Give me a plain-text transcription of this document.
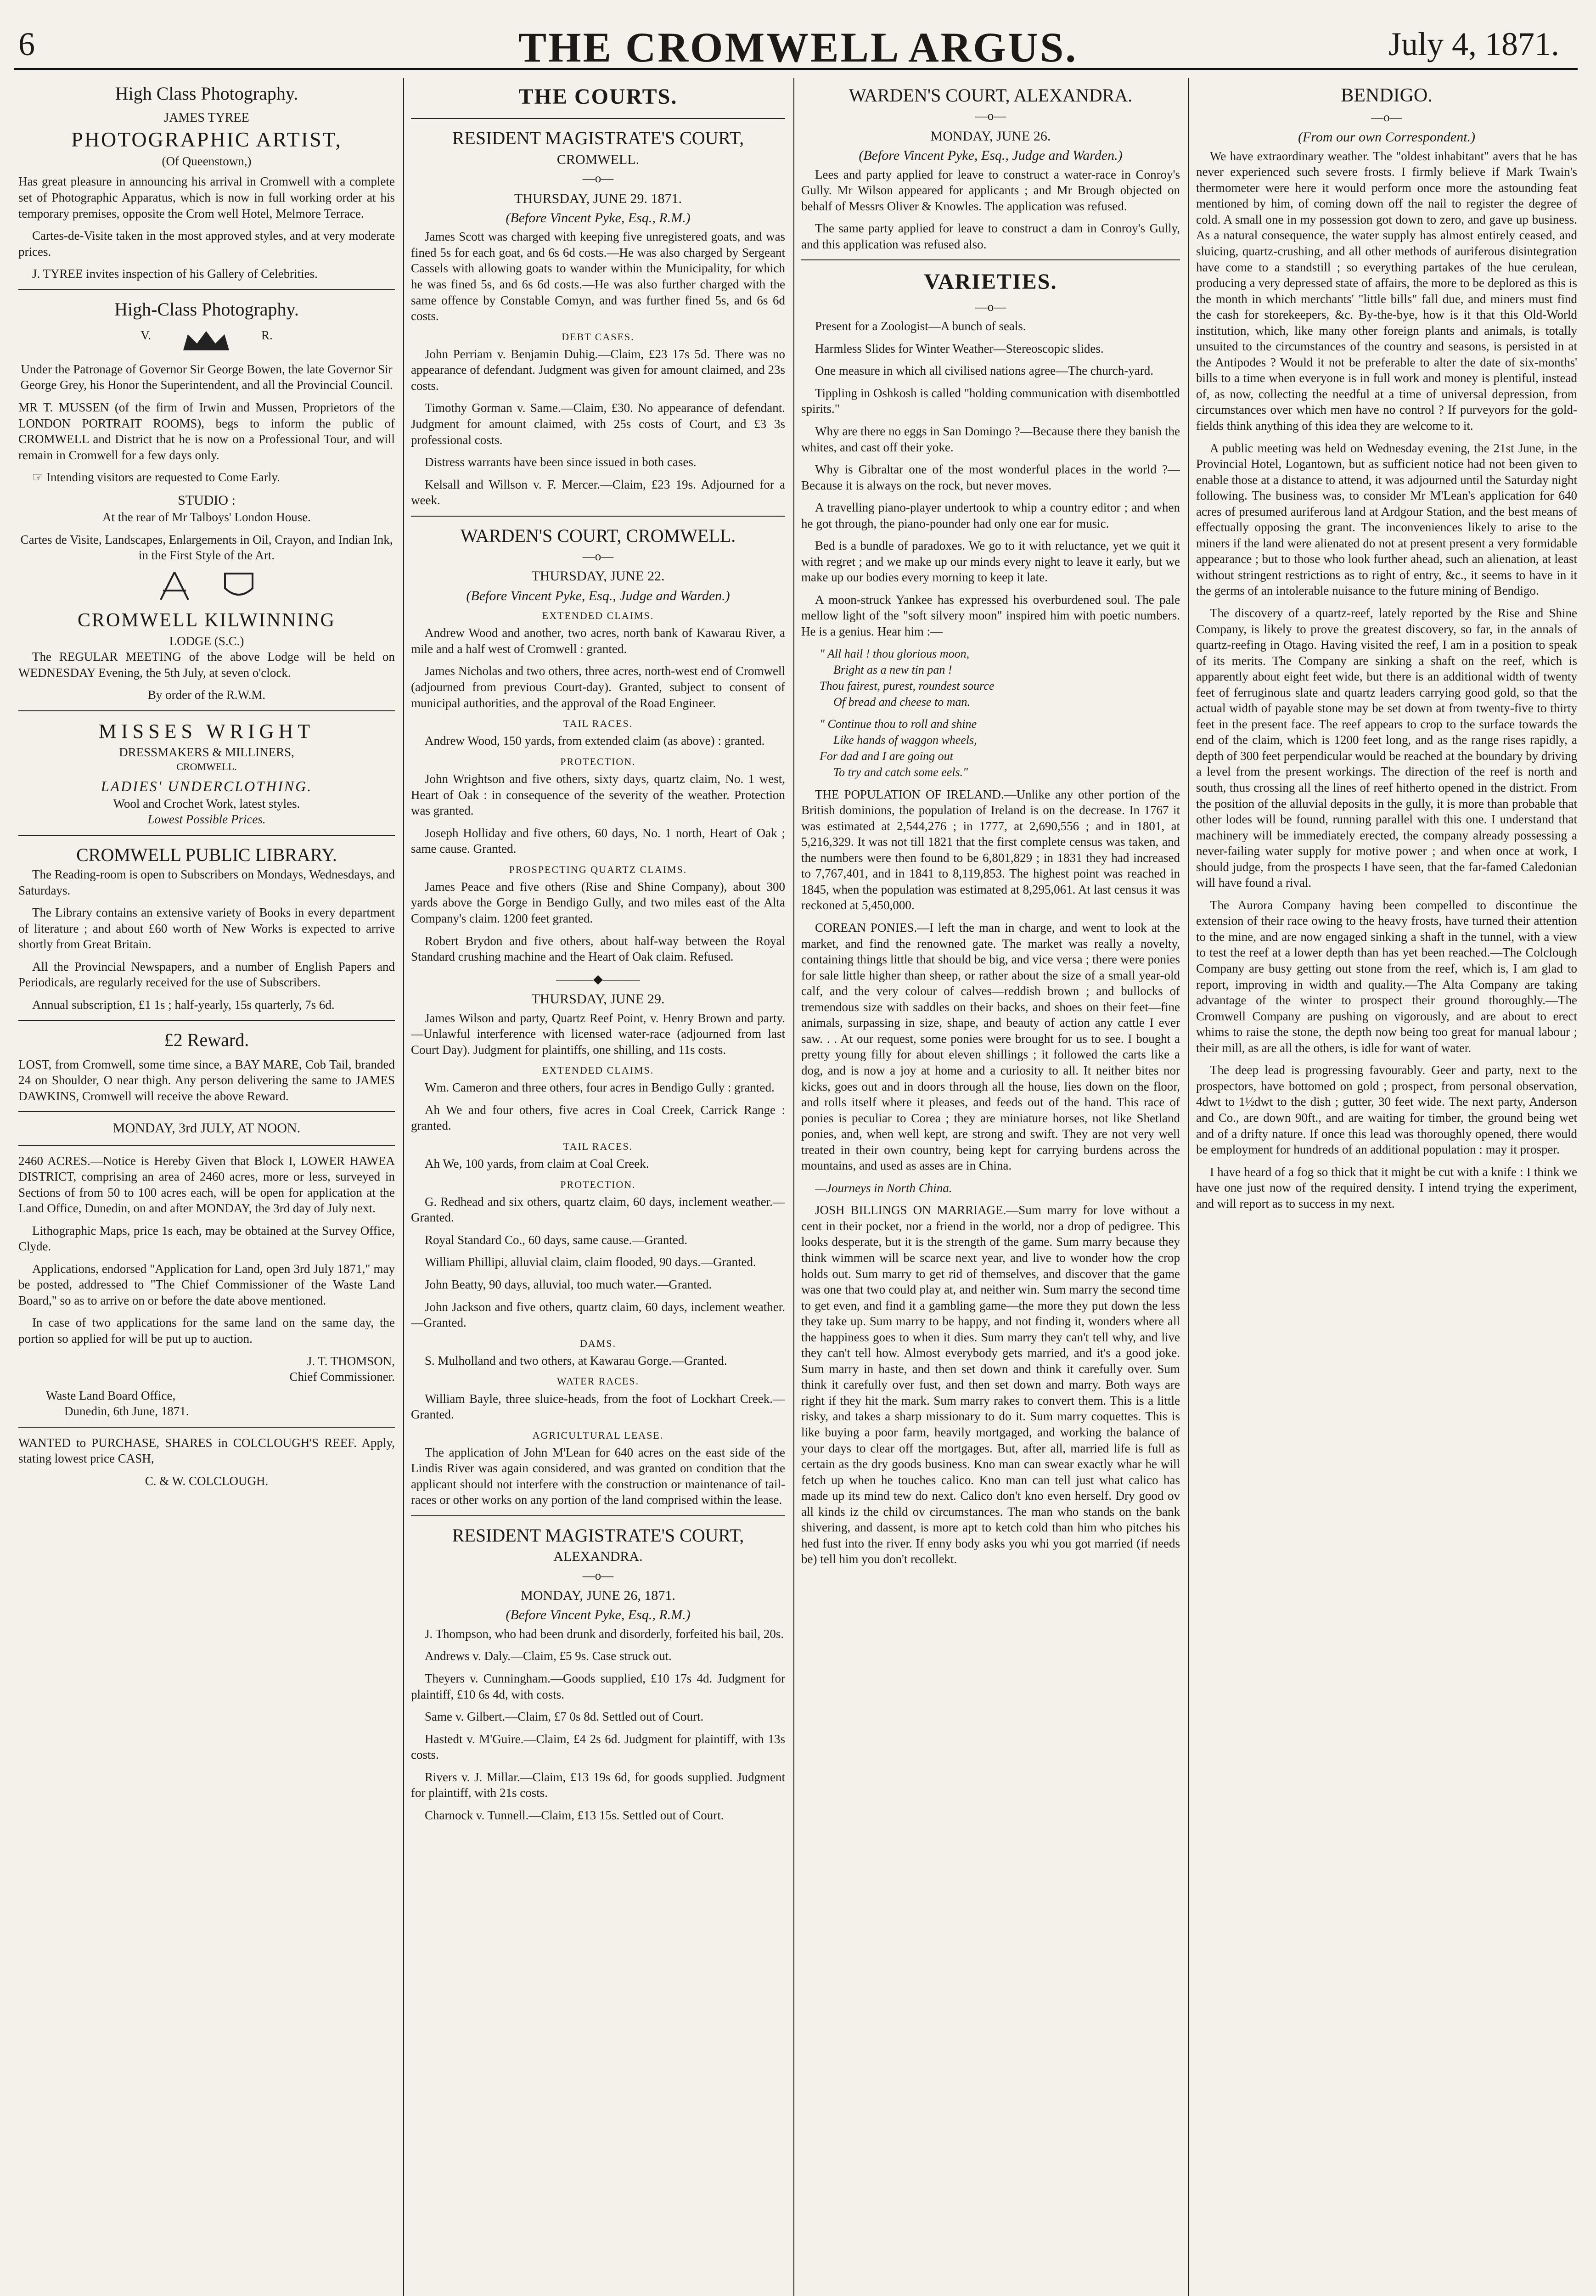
6	THE CROMWELL ARGUS.	July 4, 1871.
High Class Photography.
JAMES TYREE
PHOTOGRAPHIC ARTIST,
(Of Queenstown,)

Has great pleasure in announcing his arrival in Cromwell with a complete set of Photographic Apparatus, which is now in full working order at his temporary premises, opposite the Crom well Hotel, Melmore Terrace.

Cartes-de-Visite taken in the most approved styles, and at very moderate prices.

J. TYREE invites inspection of his Gallery of Celebrities.

High-Class Photography.
V.	R.

Under the Patronage of Governor Sir George Bowen, the late Governor Sir George Grey, his Honor the Superintendent, and all the Provincial Council.

MR T. MUSSEN (of the firm of Irwin and Mussen, Proprietors of the LONDON PORTRAIT ROOMS), begs to inform the public of CROMWELL and District that he is now on a Professional Tour, and will remain in Cromwell for a few days only.

☞ Intending visitors are requested to Come Early.

STUDIO :

At the rear of Mr Talboys' London House.

Cartes de Visite, Landscapes, Enlargements in Oil, Crayon, and Indian Ink, in the First Style of the Art.

CROMWELL KILWINNING
LODGE (S.C.)

The REGULAR MEETING of the above Lodge will be held on WEDNESDAY Evening, the 5th July, at seven o'clock.

By order of the R.W.M.

MISSES WRIGHT
DRESSMAKERS & MILLINERS,
CROMWELL.
LADIES' UNDERCLOTHING.
Wool and Crochet Work, latest styles.
Lowest Possible Prices.
CROMWELL PUBLIC LIBRARY.

The Reading-room is open to Subscribers on Mondays, Wednesdays, and Saturdays.

The Library contains an extensive variety of Books in every department of literature ; and about £60 worth of New Works is expected to arrive shortly from Great Britain.

All the Provincial Newspapers, and a number of English Papers and Periodicals, are regularly received for the use of Subscribers.

Annual subscription, £1 1s ; half-yearly, 15s quarterly, 7s 6d.

£2 Reward.

LOST, from Cromwell, some time since, a BAY MARE, Cob Tail, branded 24 on Shoulder, O near thigh. Any person delivering the same to JAMES DAWKINS, Cromwell will receive the above Reward.

MONDAY, 3rd JULY, AT NOON.

2460 ACRES.—Notice is Hereby Given that Block I, LOWER HAWEA DISTRICT, comprising an area of 2460 acres, more or less, surveyed in Sections of from 50 to 100 acres each, will be open for application at the Land Office, Dunedin, on and after MONDAY, the 3rd day of July next.

Lithographic Maps, price 1s each, may be obtained at the Survey Office, Clyde.

Applications, endorsed "Application for Land, open 3rd July 1871," may be posted, addressed to "The Chief Commissioner of the Waste Land Board," so as to arrive on or before the date above mentioned.

In case of two applications for the same land on the same day, the portion so applied for will be put up to auction.

J. T. THOMSON,
Chief Commissioner.
Waste Land Board Office,
Dunedin, 6th June, 1871.

WANTED to PURCHASE, SHARES in COLCLOUGH'S REEF. Apply, stating lowest price CASH,

C. & W. COLCLOUGH.
THE COURTS.
RESIDENT MAGISTRATE'S COURT,
CROMWELL.
—o—
THURSDAY, JUNE 29. 1871.
(Before Vincent Pyke, Esq., R.M.)

James Scott was charged with keeping five unregistered goats, and was fined 5s for each goat, and 6s 6d costs.—He was also charged by Sergeant Cassels with allowing goats to wander within the Municipality, for which he was fined 5s, and 6s 6d costs.—He was also further charged with the same offence by Constable Comyn, and was further fined 5s, and 6s 6d costs.

DEBT CASES.

John Perriam v. Benjamin Duhig.—Claim, £23 17s 5d. There was no appearance of defendant. Judgment was given for amount claimed, and 23s costs.

Timothy Gorman v. Same.—Claim, £30. No appearance of defendant. Judgment for amount claimed, with 25s costs of Court, and £3 3s professional costs.

Distress warrants have been since issued in both cases.

Kelsall and Willson v. F. Mercer.—Claim, £23 19s. Adjourned for a week.

WARDEN'S COURT, CROMWELL.
—o—
THURSDAY, JUNE 22.
(Before Vincent Pyke, Esq., Judge and Warden.)
EXTENDED CLAIMS.

Andrew Wood and another, two acres, north bank of Kawarau River, a mile and a half west of Cromwell : granted.

James Nicholas and two others, three acres, north-west end of Cromwell (adjourned from previous Court-day). Granted, subject to consent of municipal authorities, and the approval of the Road Engineer.

TAIL RACES.

Andrew Wood, 150 yards, from extended claim (as above) : granted.

PROTECTION.

John Wrightson and five others, sixty days, quartz claim, No. 1 west, Heart of Oak : in consequence of the severity of the weather. Protection was granted.

Joseph Holliday and five others, 60 days, No. 1 north, Heart of Oak ; same cause. Granted.

PROSPECTING QUARTZ CLAIMS.

James Peace and five others (Rise and Shine Company), about 300 yards above the Gorge in Bendigo Gully, and two miles east of the Alta Company's claim. 1200 feet granted.

Robert Brydon and five others, about half-way between the Royal Standard crushing machine and the Heart of Oak claim. Refused.

———◆———
THURSDAY, JUNE 29.

James Wilson and party, Quartz Reef Point, v. Henry Brown and party.—Unlawful interference with licensed water-race (adjourned from last Court Day). Judgment for plaintiffs, one shilling, and 11s costs.

EXTENDED CLAIMS.

Wm. Cameron and three others, four acres in Bendigo Gully : granted.

Ah We and four others, five acres in Coal Creek, Carrick Range : granted.

TAIL RACES.

Ah We, 100 yards, from claim at Coal Creek.

PROTECTION.

G. Redhead and six others, quartz claim, 60 days, inclement weather.—Granted.

Royal Standard Co., 60 days, same cause.—Granted.

William Phillipi, alluvial claim, claim flooded, 90 days.—Granted.

John Beatty, 90 days, alluvial, too much water.—Granted.

John Jackson and five others, quartz claim, 60 days, inclement weather.—Granted.

DAMS.

S. Mulholland and two others, at Kawarau Gorge.—Granted.

WATER RACES.

William Bayle, three sluice-heads, from the foot of Lockhart Creek.—Granted.

AGRICULTURAL LEASE.

The application of John M'Lean for 640 acres on the east side of the Lindis River was again considered, and was granted on condition that the applicant should not interfere with the construction or maintenance of tail-races or other works on any portion of the land comprised within the lease.

RESIDENT MAGISTRATE'S COURT,
ALEXANDRA.
—o—
MONDAY, JUNE 26, 1871.
(Before Vincent Pyke, Esq., R.M.)

J. Thompson, who had been drunk and disorderly, forfeited his bail, 20s.

Andrews v. Daly.—Claim, £5 9s. Case struck out.

Theyers v. Cunningham.—Goods supplied, £10 17s 4d. Judgment for plaintiff, £10 6s 4d, with costs.

Same v. Gilbert.—Claim, £7 0s 8d. Settled out of Court.

Hastedt v. M'Guire.—Claim, £4 2s 6d. Judgment for plaintiff, with 13s costs.

Rivers v. J. Millar.—Claim, £13 19s 6d, for goods supplied. Judgment for plaintiff, with 21s costs.

Charnock v. Tunnell.—Claim, £13 15s. Settled out of Court.

WARDEN'S COURT, ALEXANDRA.
—o—
MONDAY, JUNE 26.
(Before Vincent Pyke, Esq., Judge and Warden.)

Lees and party applied for leave to construct a water-race in Conroy's Gully. Mr Wilson appeared for applicants ; and Mr Brough objected on behalf of Messrs Oliver & Knowles. The application was refused.

The same party applied for leave to construct a dam in Conroy's Gully, and this application was refused also.

VARIETIES.
—o—

Present for a Zoologist—A bunch of seals.

Harmless Slides for Winter Weather—Stereoscopic slides.

One measure in which all civilised nations agree—The church-yard.

Tippling in Oshkosh is called "holding communication with disembottled spirits."

Why are there no eggs in San Domingo ?—Because there they banish the whites, and cast off their yoke.

Why is Gibraltar one of the most wonderful places in the world ?—Because it is always on the rock, but never moves.

A travelling piano-player undertook to whip a country editor ; and when he got through, the piano-pounder had only one ear for music.

Bed is a bundle of paradoxes. We go to it with reluctance, yet we quit it with regret ; and we make up our minds every night to leave it early, but we make up our bodies every morning to keep it late.

A moon-struck Yankee has expressed his overburdened soul. The pale mellow light of the "soft silvery moon" inspired him with poetic numbers. He is a genius. Hear him :—

" All hail ! thou glorious moon,
Bright as a new tin pan !
Thou fairest, purest, roundest source
Of bread and cheese to man.
" Continue thou to roll and shine
Like hands of waggon wheels,
For dad and I are going out
To try and catch some eels."

THE POPULATION OF IRELAND.—Unlike any other portion of the British dominions, the population of Ireland is on the decrease. In 1767 it was estimated at 2,544,276 ; in 1777, at 2,690,556 ; and in 1801, at 5,216,329. It was not till 1821 that the first complete census was taken, and the numbers were then found to be 6,801,829 ; in 1831 they had increased to 7,767,401, and in 1841 to 8,119,853. The highest point was reached in 1845, when the population was estimated at 8,295,061. At last census it was reckoned at 5,450,000.

COREAN PONIES.—I left the man in charge, and went to look at the market, and find the renowned gate. The market was really a novelty, containing things little that should be big, and vice versa ; there were ponies for sale little higher than sheep, or rather about the size of a small year-old calf, and the very colour of calves—reddish brown ; and bullocks of tremendous size with saddles on their backs, and shoes on their feet—fine animals, surpassing in size, shape, and beauty of action any cattle I ever saw. . . At our request, some ponies were brought for us to see. I bought a pretty young filly for about eleven shillings ; it followed the carts like a dog, and is now a joy at home and a curiosity to all. It neither bites nor kicks, goes out and in doors through all the house, lies down on the floor, and rolls itself where it pleases, and feeds out of the hand. This race of ponies is peculiar to Corea ; they are miniature horses, not like Shetland ponies, and, when well kept, are strong and swift. They are not very well treated in their own country, being kept for carrying burdens across the mountains, and used as asses are in China.

—Journeys in North China.

JOSH BILLINGS ON MARRIAGE.—Sum marry for love without a cent in their pocket, nor a friend in the world, nor a drop of pedigree. This looks desperate, but it is the strength of the game. Sum marry because they think wimmen will be scarce next year, and live to wonder how the crop holds out. Sum marry to get rid of themselves, and discover that the game was one that two could play at, and neither win. Sum marry the second time to get even, and find it a gambling game—the more they put down the less they take up. Sum marry to be happy, and not finding it, wonders where all the happiness goes to when it dies. Sum marry they can't tell why, and live they can't tell how. Almost everybody gets married, and it's a good joke. Sum marry in haste, and then set down and think it carefully over. Sum think it carefully over fust, and then set down and marry. Both ways are right if they hit the mark. Sum marry rakes to convert them. This is a little risky, and takes a sharp missionary to do it. Sum marry coquettes. This is like buying a poor farm, heavily mortgaged, and working the balance of your days to clear off the mortgages. But, after all, married life is full as certain as the dry goods business. Kno man can swear exactly whar he will fetch up when he touches calico. Kno man can tell just what calico has made up its mind tew do next. Calico don't kno even herself. Dry good ov all kinds iz the child ov circumstances. The man who stands on the bank shivering, and dassent, is more apt to ketch cold than him who pitches his hed fust into the river. If enny body asks you whi you got married (if needs be) tell him you don't recollekt.

BENDIGO.
—o—
(From our own Correspondent.)

We have extraordinary weather. The "oldest inhabitant" avers that he has never experienced such severe frosts. I firmly believe if Mark Twain's thermometer were here it would perform once more the astounding feat mentioned by him, of coming down off the nail to register the degree of cold. A small one in my possession got down to zero, and gave up business. As a natural consequence, the water supply has almost entirely ceased, and sluicing, quartz-crushing, and all other methods of auriferous disintegration have come to a standstill ; so everything partakes of the hue cerulean, producing a very depressed state of affairs, the more to be deplored as this is the month in which merchants' "little bills" fall due, and miners must find the cash for storekeepers, &c. By-the-bye, how is it that this Old-World institution, which, like many other foreign plants and animals, is totally unsuited to the circumstances of the country and seasons, is persisted in at the Antipodes ? Would it not be preferable to alter the date of six-months' bills to a time when everyone is in full work and money is plentiful, instead of, as now, collecting the needful at a time of universal depression, from circumstances over which men have no control ? If purveyors for the gold-fields think anything of this idea they are welcome to it.

A public meeting was held on Wednesday evening, the 21st June, in the Provincial Hotel, Logantown, but as sufficient notice had not been given to enable those at a distance to attend, it was adjourned until the Saturday night following. The business was, to consider Mr M'Lean's application for 640 acres of presumed auriferous land at Ardgour Station, and the best means of effectually opposing the grant. The inconveniences likely to arise to the miners if the land were alienated do not at present present a very formidable appearance ; but to those who look further ahead, such an alienation, at least without stringent restrictions as to right of entry, &c., it seems to have in it the germs of an intolerable nuisance to the future mining of Bendigo.

The discovery of a quartz-reef, lately reported by the Rise and Shine Company, is likely to prove the greatest discovery, so far, in the annals of quartz-reefing in Otago. Having visited the reef, I am in a position to speak of its merits. The Company are sinking a shaft on the reef, which is apparently about eight feet wide, but there is an additional width of twenty feet of ferruginous slate and quartz leaders carrying good gold, so that the actual width of payable stone may be set down at from twenty-five to thirty feet in the present face. The reef appears to crop to the surface towards the end of the claim, which is 1200 feet long, and as the range rises rapidly, a depth of 300 feet perpendicular would be reached at the boundary by driving a level from the present workings. The direction of the reef is north and south, thus crossing all the lines of reef hitherto opened in the district. From the position of the alluvial deposits in the gully, it is more than probable that other lodes will be found, running parallel with this one. I understand that machinery will be immediately erected, the company already possessing a never-failing water supply for motive power ; and when once at work, I should judge, from the prospects I have seen, that the far-famed Caledonian will have found a rival.

The Aurora Company having been compelled to discontinue the extension of their race owing to the heavy frosts, have turned their attention to the mine, and are now engaged sinking a shaft in the tunnel, with a view to test the reef at a lower depth than has yet been reached.—The Colclough Company are busy getting out stone from the reef, which is, I am glad to report, improving in width and quality.—The Alta Company are taking advantage of the winter to prospect their ground thoroughly.—The Cromwell Company are pushing on vigorously, and are about to erect whims to raise the stone, the depth now being too great for manual labour ; their mill, as are all the others, is idle for want of water.

The deep lead is progressing favourably. Geer and party, next to the prospectors, have bottomed on gold ; prospect, from personal observation, 4dwt to 1½dwt to the dish ; gutter, 30 feet wide. The next party, Anderson and Co., are down 90ft., and are waiting for timber, the ground being wet and of a drifty nature. If once this lead was thoroughly opened, there would be employment for hundreds of an additional population : may it prosper.

I have heard of a fog so thick that it might be cut with a knife : I think we have one just now of the required density. I intend trying the experiment, and will report as to success in my next.
